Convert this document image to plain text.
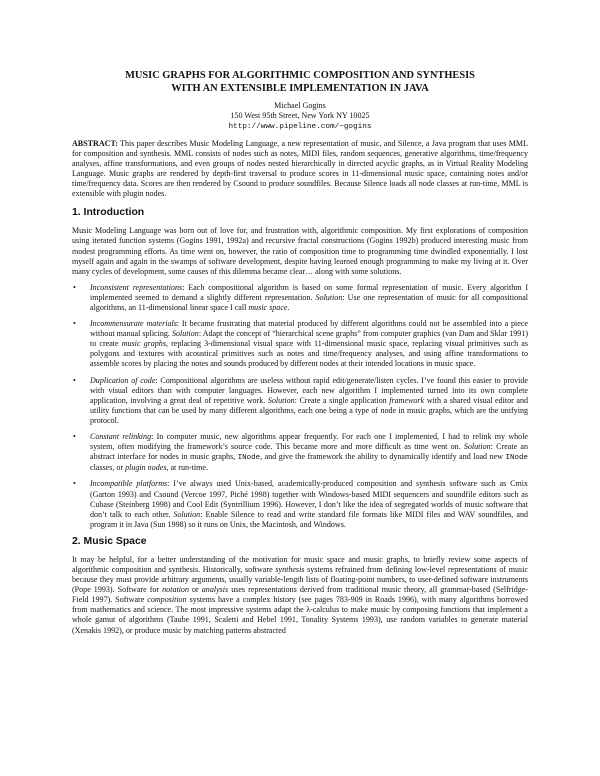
MUSIC GRAPHS FOR ALGORITHMIC COMPOSITION AND SYNTHESIS

WITH AN EXTENSIBLE IMPLEMENTATION IN JAVA

Michael Gogins
150 West 95th Street, New York NY 10025
http://www.pipeline.com/~gogins

ABSTRACT: This paper describes Music Modeling Language, a new representation of music, and Silence, a Java program that uses MML for composition and synthesis. MML consists of nodes such as notes, MIDI files, random sequences, generative algorithms, time/frequency analyses, affine transformations, and even groups of nodes nested hierarchically in directed acyclic graphs, as in Virtual Reality Modeling Language. Music graphs are rendered by depth-first traversal to produce scores in 11-dimensional music space, containing notes and/or time/frequency data. Scores are then rendered by Csound to produce soundfiles. Because Silence loads all node classes at run-time, MML is extensible with plugin nodes.

1. Introduction

Music Modeling Language was born out of love for, and frustration with, algorithmic composition. My first explorations of composition using iterated function systems (Gogins 1991, 1992a) and recursive fractal constructions (Gogins 1992b) produced interesting music from modest programming efforts. As time went on, however, the ratio of composition time to programming time dwindled exponentially. I lost myself again and again in the swamps of software development, despite having learned enough programming to make my living at it. Over many cycles of development, some causes of this dilemma became clear… along with some solutions.

• Inconsistent representations: Each compositional algorithm is based on some formal representation of music. Every algorithm I implemented seemed to demand a slightly different representation. Solution: Use one representation of music for all compositional algorithms, an 11-dimensional linear space I call music space.
• Incommensurate materials: It became frustrating that material produced by different algorithms could not be assembled into a piece without manual splicing. Solution: Adapt the concept of “hierarchical scene graphs” from computer graphics (van Dam and Sklar 1991) to create music graphs, replacing 3-dimensional visual space with 11-dimensional music space, replacing visual primitives such as polygons and textures with acoustical primitives such as notes and time/frequency analyses, and using affine transformations to assemble scores by placing the notes and sounds produced by different nodes at their intended locations in music space.
• Duplication of code: Compositional algorithms are useless without rapid edit/generate/listen cycles. I’ve found this easier to provide with visual editors than with computer languages. However, each new algorithm I implemented turned into its own complete application, involving a great deal of repetitive work. Solution: Create a single application framework with a shared visual editor and utility functions that can be used by many different algorithms, each one being a type of node in music graphs, which are the unifying protocol.
• Constant relinking: In computer music, new algorithms appear frequently. For each one I implemented, I had to relink my whole system, often modifying the framework’s source code. This became more and more difficult as time went on. Solution: Create an abstract interface for nodes in music graphs, INode, and give the framework the ability to dynamically identify and load new INode classes, or plugin nodes, at run-time.
• Incompatible platforms: I’ve always used Unix-based, academically-produced composition and synthesis software such as Cmix (Garton 1993) and Csound (Vercoe 1997, Piché 1998) together with Windows-based MIDI sequencers and soundfile editors such as Cubase (Steinberg 1998) and Cool Edit (Syntrillium 1996). However, I don’t like the idea of segregated worlds of music software that don’t talk to each other. Solution: Enable Silence to read and write standard file formats like MIDI files and WAV soundfiles, and program it in Java (Sun 1998) so it runs on Unix, the Macintosh, and Windows.
2. Music Space

It may be helpful, for a better understanding of the motivation for music space and music graphs, to briefly review some aspects of algorithmic composition and synthesis. Historically, software synthesis systems refrained from defining low-level representations of music because they must provide arbitrary arguments, usually variable-length lists of floating-point numbers, to user-defined software instruments (Pope 1993). Software for notation or analysis uses representations derived from traditional music theory, all grammar-based (Selfridge-Field 1997). Software composition systems have a complex history (see pages 783-909 in Roads 1996), with many algorithms borrowed from mathematics and science. The most impressive systems adapt the λ-calculus to make music by composing functions that implement a whole gamut of algorithms (Taube 1991, Scaletti and Hebel 1991, Tonality Systems 1993), use random variables to generate material (Xenakis 1992), or produce music by matching patterns abstracted
